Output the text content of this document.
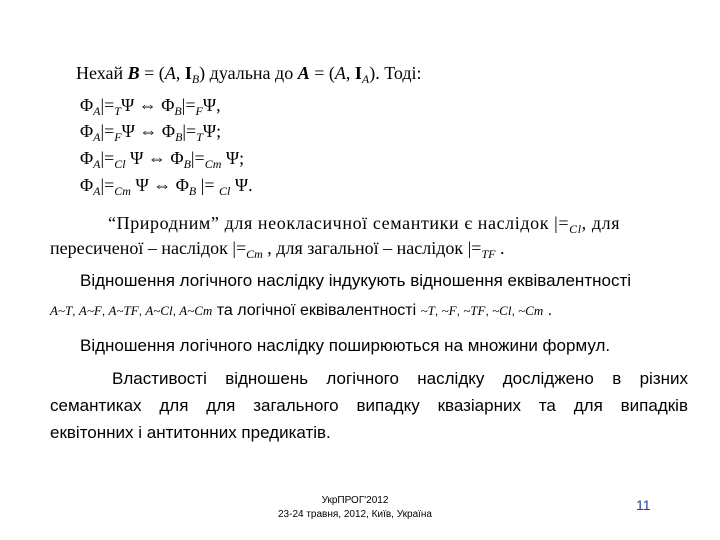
Нехай B = (A, $I_B$) дуальна до A = (A, $I_A$). Тоді:
$\Phi_A|=_T\Psi$ ⇔ $\Phi_B|=_F\Psi$,
$\Phi_A|=_F\Psi$ ⇔ $\Phi_B|=_T\Psi$;
$\Phi_A|=_{Cl}$ Ψ ⇔ $\Phi_B|=_{Cm}$ Ψ;
$\Phi_A|=_{Cm}$ Ψ ⇔ $\Phi_B$ |= $_{Cl}$ Ψ.
“Природним” для неокласичної семантики є наслідок $|=_{Cl}$, для
пересиченої – наслідок $|=_{Cm}$ , для загальної – наслідок $|=_{TF}$ .
Відношення логічного наслідку індукують відношення еквівалентності
A~T, A~F, A~TF, A~Cl, A~Cm та логічної еквівалентності ~T, ~F, ~TF, ~Cl, ~Cm .
Відношення логічного наслідку поширюються на множини формул.
Властивості відношень логічного наслідку досліджено в різних
семантиках для для загального випадку квазіарних та для випадків
еквітонних і антитонних предикатів.
УкрПРОГ'2012
23-24 травня, 2012, Київ, Україна
11
